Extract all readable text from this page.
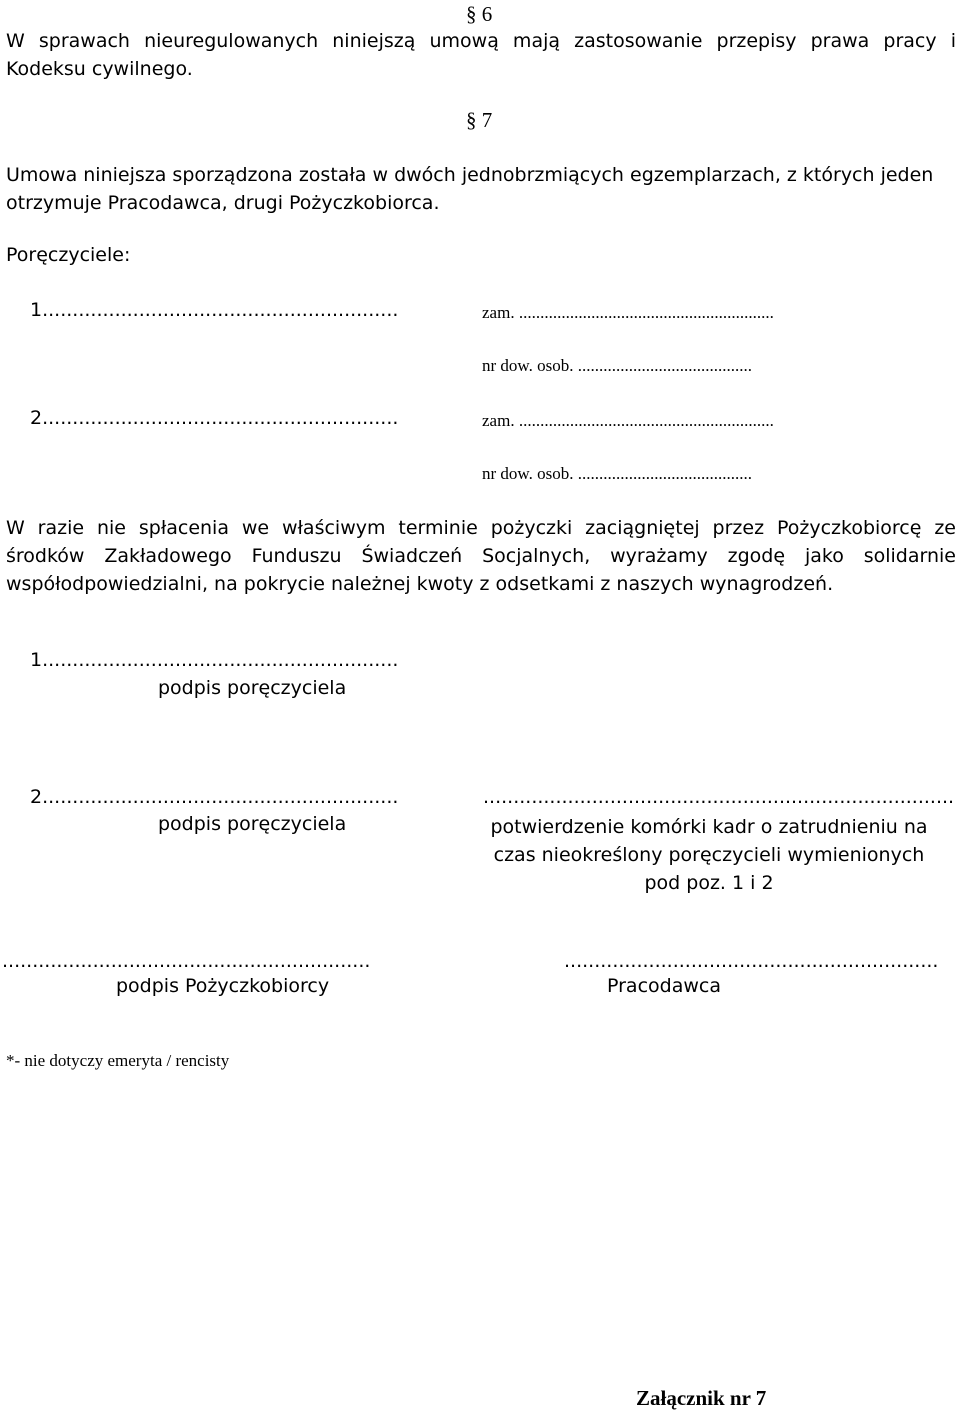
§ 6
W sprawach nieuregulowanych niniejszą umową mają zastosowanie przepisy prawa pracy i Kodeksu cywilnego.
§ 7
Umowa niniejsza sporządzona została w dwóch jednobrzmiących egzemplarzach, z których jeden otrzymuje Pracodawca, drugi Pożyczkobiorca.
Poręczyciele:
1...........................................................	zam. ............................................................
nr dow. osob. .........................................
2...........................................................	zam. ............................................................
nr dow. osob. .........................................
W razie nie spłacenia we właściwym terminie pożyczki zaciągniętej przez Pożyczkobiorcę ze środków Zakładowego Funduszu Świadczeń Socjalnych, wyrażamy zgodę jako solidarnie współodpowiedzialni, na pokrycie należnej kwoty z odsetkami z naszych wynagrodzeń.
1...........................................................
podpis poręczyciela
2...........................................................
podpis poręczyciela
..............................................................................
potwierdzenie komórki kadr o zatrudnieniu na czas nieokreślony poręczycieli wymienionych pod poz. 1 i 2
.............................................................
podpis Pożyczkobiorcy
..............................................................
Pracodawca
*- nie dotyczy emeryta / rencisty
Załącznik nr 7
